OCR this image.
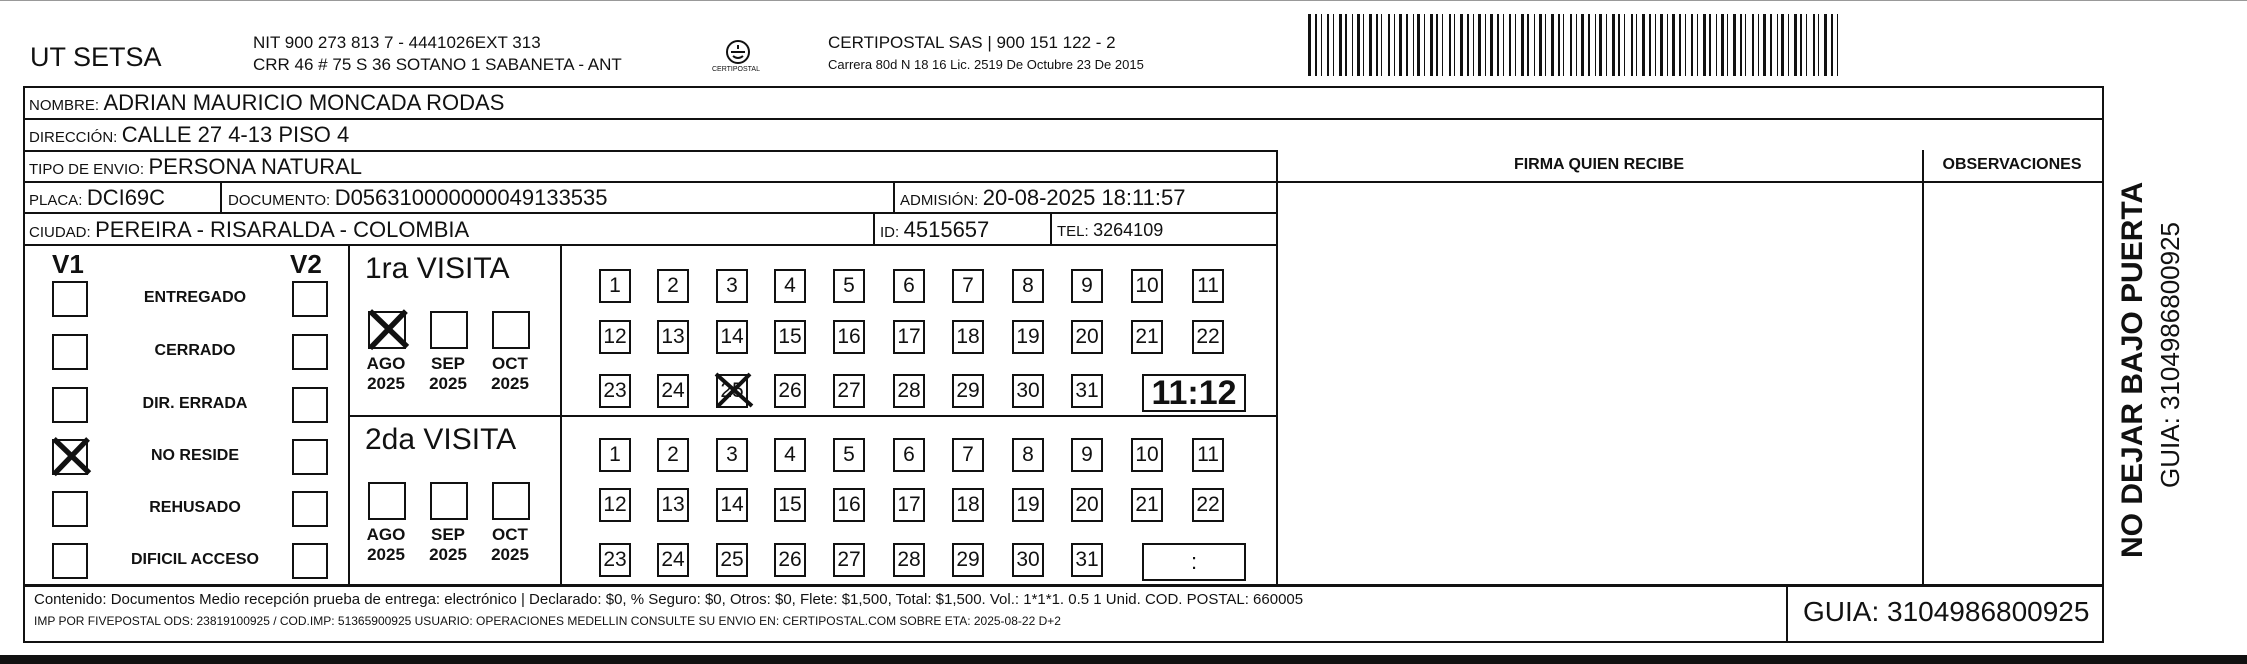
UT SETSA	NIT 900 273 813 7 - 4441026EXT 313
CRR 46 # 75 S 36 SOTANO 1 SABANETA - ANT	CERTIPOSTAL
CERTIPOSTAL SAS | 900 151 122 - 2
Carrera 80d N 18 16 Lic. 2519 De Octubre 23 De 2015
NOMBRE: ADRIAN MAURICIO MONCADA RODAS
DIRECCIÓN: CALLE 27 4-13 PISO 4
TIPO DE ENVIO: PERSONA NATURAL	FIRMA QUIEN RECIBE	OBSERVACIONES
PLACA: DCI69C	DOCUMENTO: D056310000000049133535	ADMISIÓN: 20-08-2025 18:11:57
CIUDAD: PEREIRA - RISARALDA - COLOMBIA	ID: 4515657	TEL: 3264109
V1	V2
ENTREGADO
CERRADO
DIR. ERRADA
NO RESIDE
REHUSADO
DIFICIL ACCESO
1ra VISITA
AGO
2025
SEP
2025
OCT
2025
1	2	3	4	5	6	7	8	9	10 11
12 13 14 15 16 17 18 19 20 21 22
23 24 25 26 27 28 29 30 31 11:12
2da VISITA
AGO
2025
SEP
2025
OCT
2025
1	2	3	4	5	6	7	8	9	10 11
12 13 14 15 16 17 18 19 20 21 22
23 24 25 26 27 28 29 30 31	:
Contenido: Documentos Medio recepción prueba de entrega: electrónico | Declarado: $0, % Seguro: $0, Otros: $0, Flete: $1,500, Total: $1,500. Vol.: 1*1*1. 0.5 1 Unid. COD. POSTAL: 660005
IMP POR FIVEPOSTAL ODS: 23819100925 / COD.IMP: 51365900925 USUARIO: OPERACIONES MEDELLIN CONSULTE SU ENVIO EN: CERTIPOSTAL.COM SOBRE ETA: 2025-08-22 D+2	GUIA: 3104986800925
NO DEJAR BAJO PUERTA GUIA: 3104986800925
